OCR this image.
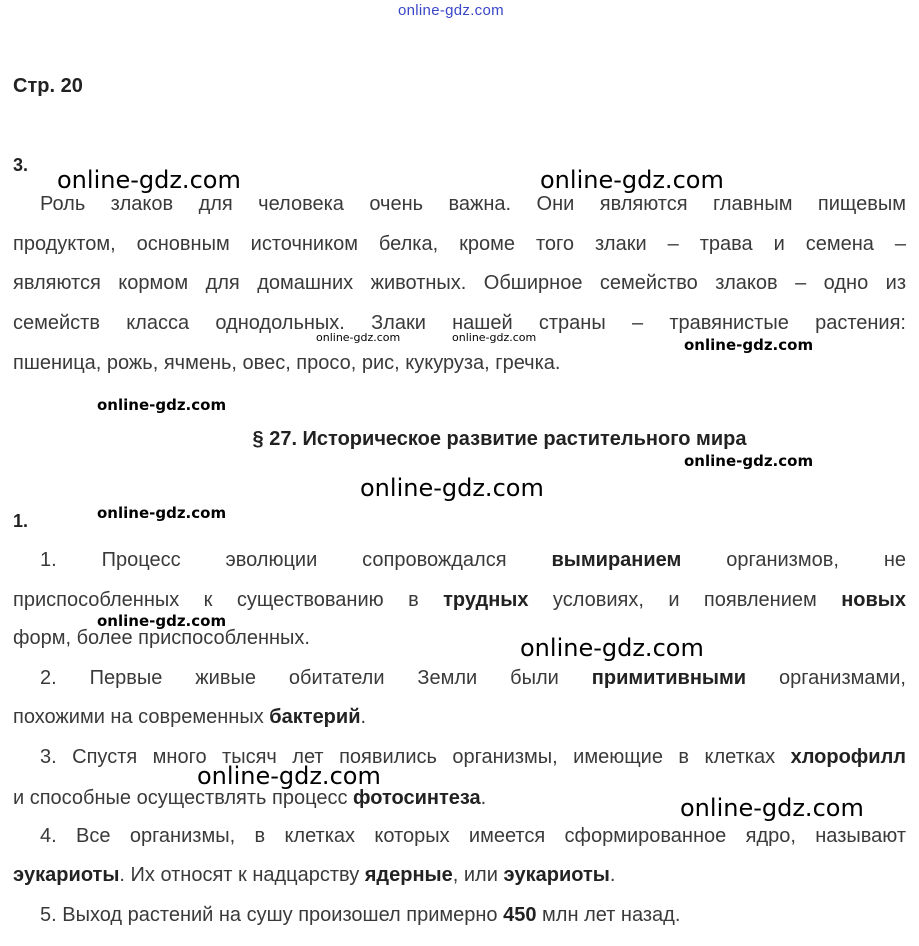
online-gdz.com
Стр. 20
3.
Роль злаков для человека очень важна. Они являются главным пищевым
продуктом, основным источником белка, кроме того злаки – трава и семена –
являются кормом для домашних животных. Обширное семейство злаков – одно из
семейств класса однодольных. Злаки нашей страны – травянистые растения:
пшеница, рожь, ячмень, овес, просо, рис, кукуруза, гречка.
§ 27. Историческое развитие растительного мира
1.
1. Процесс эволюции сопровождался вымиранием организмов, не
приспособленных к существованию в трудных условиях, и появлением новых
форм, более приспособленных.
2. Первые живые обитатели Земли были примитивными организмами,
похожими на современных бактерий.
3. Спустя много тысяч лет появились организмы, имеющие в клетках хлорофилл
и способные осуществлять процесс фотосинтеза.
4. Все организмы, в клетках которых имеется сформированное ядро, называют
эукариоты. Их относят к надцарству ядерные, или эукариоты.
5. Выход растений на сушу произошел примерно 450 млн лет назад.
online-gdz.com	online-gdz.com
online-gdz.com	online-gdz.com	online-gdz.com
online-gdz.com
online-gdz.com
online-gdz.com
online-gdz.com
online-gdz.com
online-gdz.com
online-gdz.com
online-gdz.com
